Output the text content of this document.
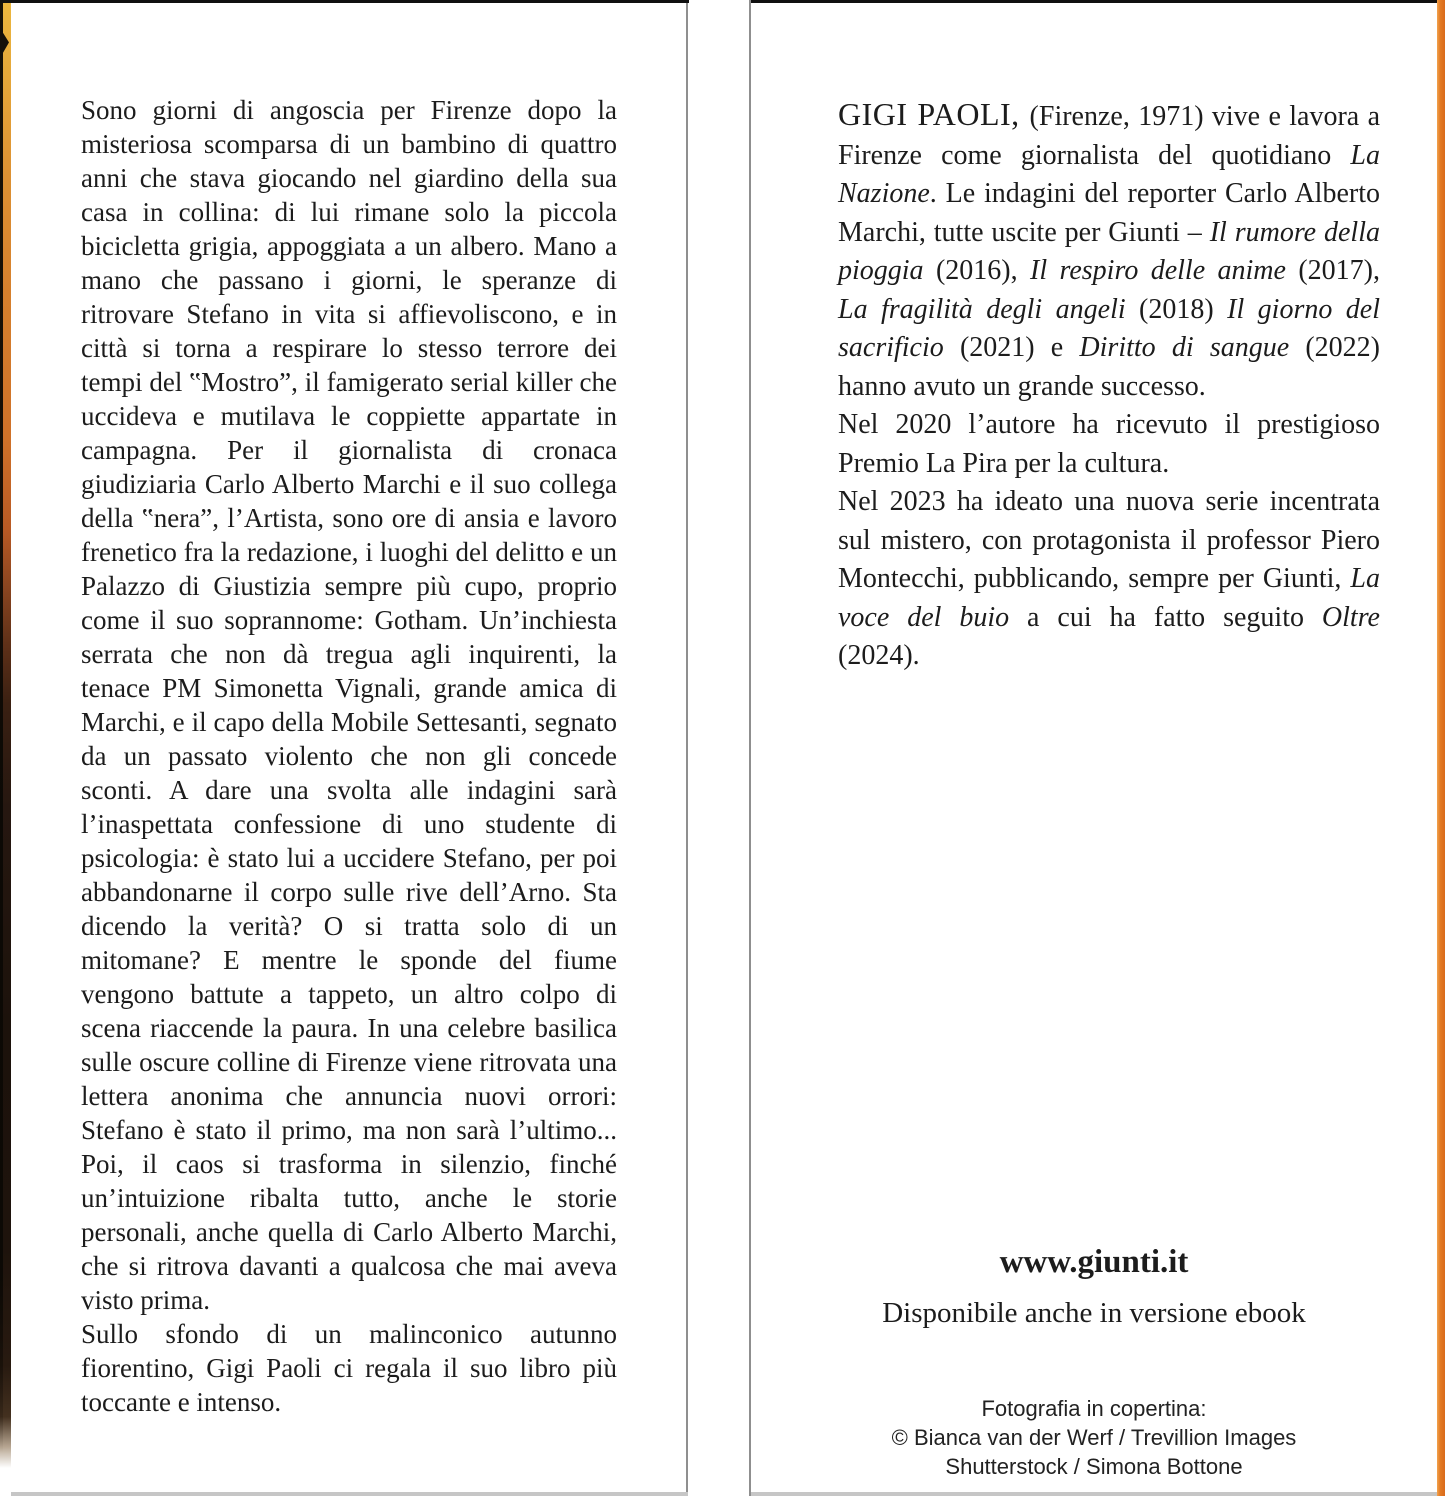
Sono giorni di angoscia per Firenze dopo la misteriosa scomparsa di un bambino di quattro anni che stava giocando nel giardino della sua casa in collina: di lui rimane solo la piccola bicicletta grigia, appoggiata a un albero. Mano a mano che passano i giorni, le speranze di ritrovare Stefano in vita si affievoliscono, e in città si torna a respirare lo stesso terrore dei tempi del ‟Mostro”, il famigerato serial killer che uccideva e mutilava le coppiette appartate in campagna. Per il giornalista di cronaca giudiziaria Carlo Alberto Marchi e il suo collega della ‟nera”, l’Artista, sono ore di ansia e lavoro frenetico fra la redazione, i luoghi del delitto e un Palazzo di Giustizia sempre più cupo, proprio come il suo soprannome: Gotham. Un’inchiesta serrata che non dà tregua agli inquirenti, la tenace PM Simonetta Vignali, grande amica di Marchi, e il capo della Mobile Settesanti, segnato da un passato violento che non gli concede sconti. A dare una svolta alle indagini sarà l’inaspettata confessione di uno studente di psicologia: è stato lui a uccidere Stefano, per poi abbandonarne il corpo sulle rive dell’Arno. Sta dicendo la verità? O si tratta solo di un mitomane? E mentre le sponde del fiume vengono battute a tappeto, un altro colpo di scena riaccende la paura. In una celebre basilica sulle oscure colline di Firenze viene ritrovata una lettera anonima che annuncia nuovi orrori: Stefano è stato il primo, ma non sarà l’ultimo... Poi, il caos si trasforma in silenzio, finché un’intuizione ribalta tutto, anche le storie personali, anche quella di Carlo Alberto Marchi, che si ritrova davanti a qualcosa che mai aveva visto prima.

Sullo sfondo di un malinconico autunno fiorentino, Gigi Paoli ci regala il suo libro più toccante e intenso.

GIGI PAOLI, (Firenze, 1971) vive e lavora a Firenze come giornalista del quotidiano La Nazione. Le indagini del reporter Carlo Alberto Marchi, tutte uscite per Giunti – Il rumore della pioggia (2016), Il respiro delle anime (2017), La fragilità degli angeli (2018) Il giorno del sacrificio (2021) e Diritto di sangue (2022) hanno avuto un grande successo.

Nel 2020 l’autore ha ricevuto il prestigioso Premio La Pira per la cultura.

Nel 2023 ha ideato una nuova serie incentrata sul mistero, con protagonista il professor Piero Montecchi, pubblicando, sempre per Giunti, La voce del buio a cui ha fatto seguito Oltre (2024).

www.giunti.it
Disponibile anche in versione ebook
Fotografia in copertina:
© Bianca van der Werf / Trevillion Images
Shutterstock / Simona Bottone
